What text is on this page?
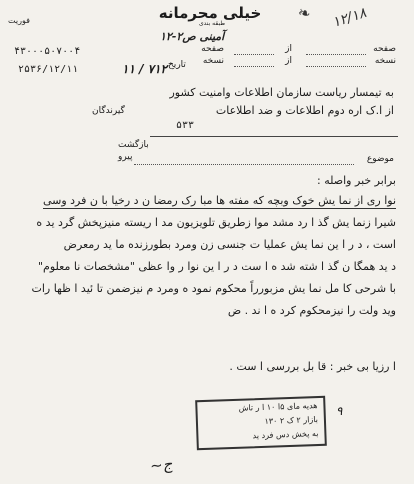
خیلی محرمانه
طبقه بندی
فوریت
آمینی ص۲-۱۲
۱۲/۱۸
❧
صفحه
از
صفحه
نسخه
از
نسخه
۴۳۰۰۰۵۰۷۰۰۴
تاریخ
۲۵۳۶/۱۲/۱۱	۷۱۲ / ۱۱
به تیمسار ریاست سازمان اطلاعات وامنیت کشور
از ا.ک اره دوم اطلاعات و ضد اطلاعات
گیرندگان
۵۳۳
بازگشت
پیرو	موضوع
برابر خبر واصله :
نوا ری از نما یش خوک وبچه که مفته ها مبا رک رمضا ن د رخیا با ن فرد وسی
شیرا زنما یش گذ ا رد مشد موا زطریق تلویزیون مد ا ریسته منیزپخش گرد ید ه
است ، د ر ا ین نما یش عملیا ت جنسی زن ومرد بطورزنده ما ید رمعرض
د ید همگا ن گذ ا شته شد ه ا ست د ر ا ین نوا ر وا عظی "مشخصات نا معلوم"
با شرحی کا مل نما یش مزبورراً محکوم نمود ه ومرد م نیزضمن تا ئید ا ظها رات
وید ولت را نیزمحکوم کرد ه ا ند . ض
ا رزیا بی خبر : قا بل بررسی ا ست .
هدیه مای ۵ا ۱۰ ا ر تاش
بازار ۲ ک ۲ ۱۳۰
به پخش دس فرد ید
۹
ج~
